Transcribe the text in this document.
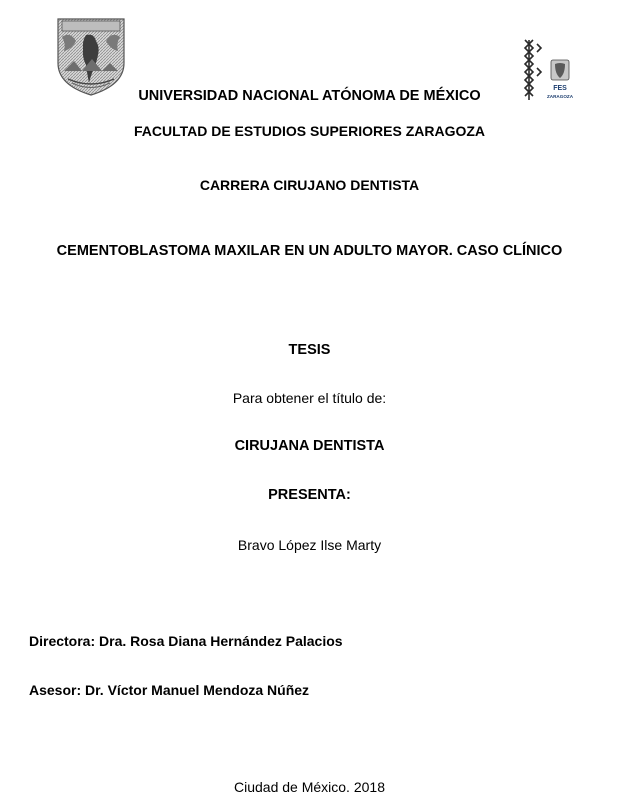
FES
ZARAGOZA
UNIVERSIDAD NACIONAL ATÓNOMA DE MÉXICO
FACULTAD DE ESTUDIOS SUPERIORES ZARAGOZA
CARRERA CIRUJANO DENTISTA
CEMENTOBLASTOMA MAXILAR EN UN ADULTO MAYOR. CASO CLÍNICO
TESIS
Para obtener el título de:
CIRUJANA DENTISTA
PRESENTA:
Bravo López Ilse Marty
Directora: Dra. Rosa Diana Hernández Palacios
Asesor: Dr. Víctor Manuel Mendoza Núñez
Ciudad de México. 2018
